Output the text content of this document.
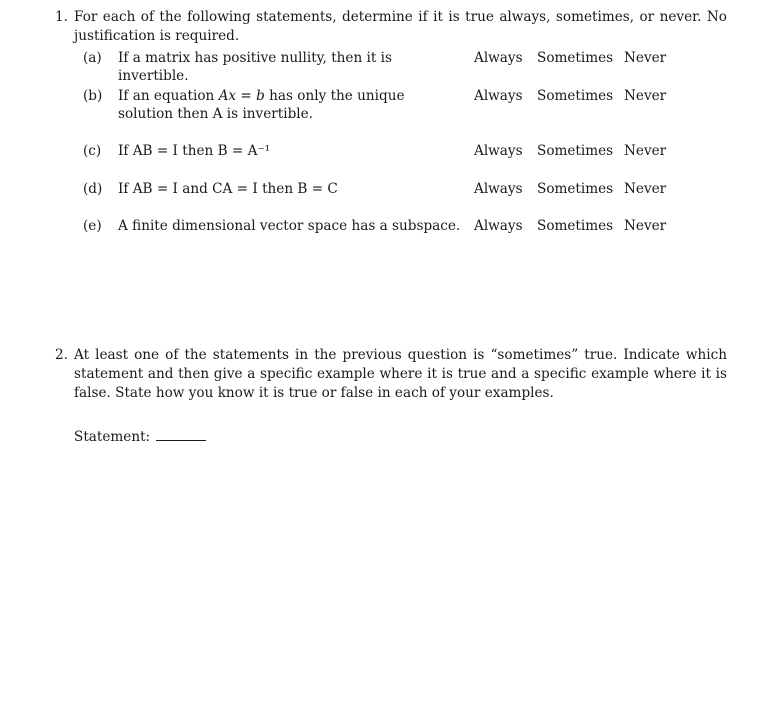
1. For each of the following statements, determine if it is true always, sometimes, or never. No justification is required.
(a) If a matrix has positive nullity, then it is invertible.
Always Sometimes Never
(b) If an equation Ax = b has only the unique solution then A is invertible.
Always Sometimes Never
(c) If AB = I then B = A⁻¹	Always Sometimes Never
(d) If AB = I and CA = I then B = C	Always Sometimes Never
(e) A finite dimensional vector space has a subspace. Always Sometimes Never
2. At least one of the statements in the previous question is “sometimes” true. Indicate which statement and then give a specific example where it is true and a specific example where it is false. State how you know it is true or false in each of your examples.
Statement:
